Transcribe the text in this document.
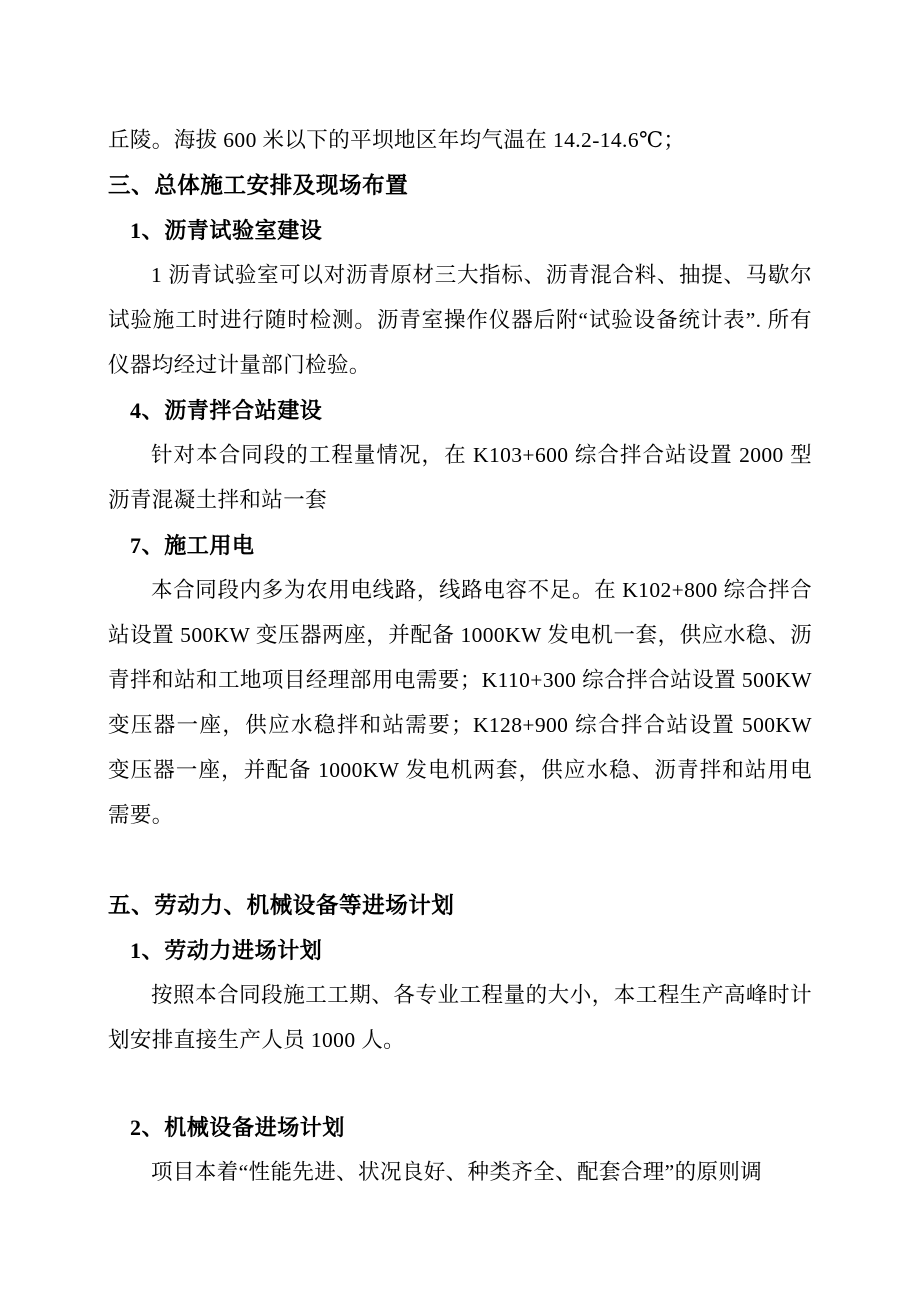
丘陵。海拔 600 米以下的平坝地区年均气温在 14.2-14.6℃；

三、总体施工安排及现场布置
1、沥青试验室建设

1 沥青试验室可以对沥青原材三大指标、沥青混合料、抽提、马歇尔试验施工时进行随时检测。沥青室操作仪器后附“试验设备统计表”. 所有仪器均经过计量部门检验。

4、沥青拌合站建设

针对本合同段的工程量情况，在 K103+600 综合拌合站设置 2000 型沥青混凝土拌和站一套

7、施工用电

本合同段内多为农用电线路，线路电容不足。在 K102+800 综合拌合站设置 500KW 变压器两座，并配备 1000KW 发电机一套，供应水稳、沥青拌和站和工地项目经理部用电需要；K110+300 综合拌合站设置 500KW 变压器一座，供应水稳拌和站需要；K128+900 综合拌合站设置 500KW 变压器一座，并配备 1000KW 发电机两套，供应水稳、沥青拌和站用电需要。

五、劳动力、机械设备等进场计划
1、劳动力进场计划

按照本合同段施工工期、各专业工程量的大小，本工程生产高峰时计划安排直接生产人员 1000 人。

2、机械设备进场计划

项目本着“性能先进、状况良好、种类齐全、配套合理”的原则调
